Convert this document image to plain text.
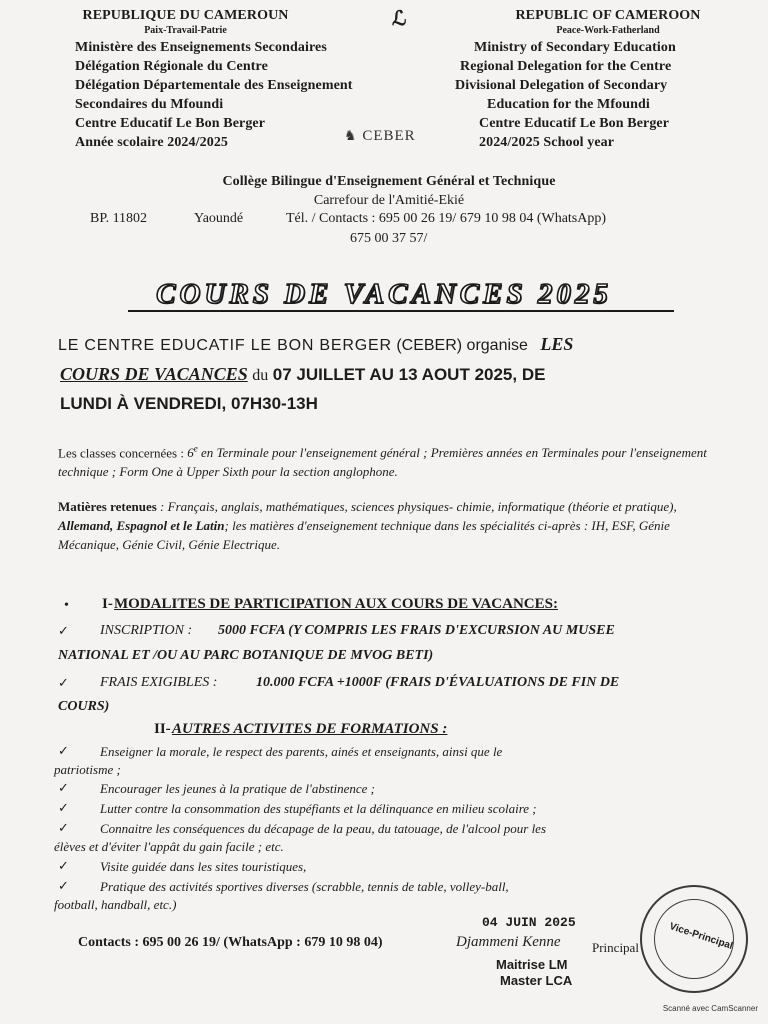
REPUBLIQUE DU CAMEROUN
Paix-Travail-Patrie
Ministère des Enseignements Secondaires
Délégation Régionale du Centre
Délégation Départementale des Enseignement
Secondaires du Mfoundi
Centre Educatif Le Bon Berger
Année scolaire 2024/2025
ℒ
♞ CEBER
REPUBLIC OF CAMEROON
Peace-Work-Fatherland
Ministry of Secondary Education
Regional Delegation for the Centre
Divisional Delegation of Secondary
Education for the Mfoundi
Centre Educatif Le Bon Berger
2024/2025 School year
Collège Bilingue d'Enseignement Général et Technique
Carrefour de l'Amitié-Ekié
BP. 11802	Yaoundé	Tél. / Contacts : 695 00 26 19/ 679 10 98 04 (WhatsApp)
675 00 37 57/
COURS DE VACANCES 2025
LE CENTRE EDUCATIF LE BON BERGER (CEBER) organise LES
COURS DE VACANCES du 07 JUILLET AU 13 AOUT 2025, DE
LUNDI À VENDREDI, 07H30-13H
Les classes concernées : 6e en Terminale pour l'enseignement général ; Premières années en Terminales pour l'enseignement technique ; Form One à Upper Sixth pour la section anglophone.
Matières retenues : Français, anglais, mathématiques, sciences physiques- chimie, informatique (théorie et pratique), Allemand, Espagnol et le Latin; les matières d'enseignement technique dans les spécialités ci-après : IH, ESF, Génie Mécanique, Génie Civil, Génie Electrique.
• I- MODALITES DE PARTICIPATION AUX COURS DE VACANCES:
✓ INSCRIPTION : 5000 FCFA (Y COMPRIS LES FRAIS D'EXCURSION AU MUSEE
NATIONAL ET /OU AU PARC BOTANIQUE DE MVOG BETI)
✓ FRAIS EXIGIBLES :	10.000 FCFA +1000F (FRAIS D'ÉVALUATIONS DE FIN DE
COURS)
II- AUTRES ACTIVITES DE FORMATIONS :
✓ Enseigner la morale, le respect des parents, ainés et enseignants, ainsi que le
patriotisme ;
✓ Encourager les jeunes à la pratique de l'abstinence ;
✓ Lutter contre la consommation des stupéfiants et la délinquance en milieu scolaire ;
✓ Connaitre les conséquences du décapage de la peau, du tatouage, de l'alcool pour les
élèves et d'éviter l'appât du gain facile ; etc.
✓ Visite guidée dans les sites touristiques,
✓ Pratique des activités sportives diverses (scrabble, tennis de table, volley-ball,
football, handball, etc.)
Contacts : 695 00 26 19/ (WhatsApp : 679 10 98 04)
04 JUIN 2025
Djammeni Kenne Principal
Maitrise LM
Master LCA
Vice-Principal
Scanné avec CamScanner
